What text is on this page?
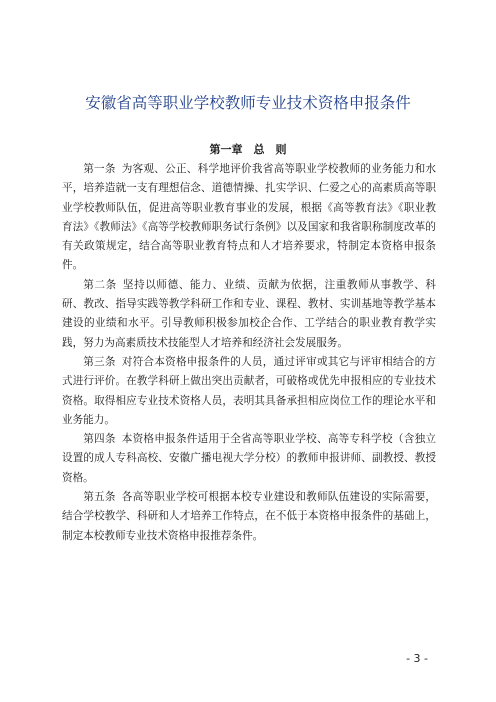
安徽省高等职业学校教师专业技术资格申报条件
第一章　总　则

第一条 为客观、公正、科学地评价我省高等职业学校教师的业务能力和水平，培养造就一支有理想信念、道德情操、扎实学识、仁爱之心的高素质高等职业学校教师队伍，促进高等职业教育事业的发展，根据《高等教育法》《职业教育法》《教师法》《高等学校教师职务试行条例》以及国家和我省职称制度改革的有关政策规定，结合高等职业教育特点和人才培养要求，特制定本资格申报条件。

第二条 坚持以师德、能力、业绩、贡献为依据，注重教师从事教学、科研、教改、指导实践等教学科研工作和专业、课程、教材、实训基地等教学基本建设的业绩和水平。引导教师积极参加校企合作、工学结合的职业教育教学实践，努力为高素质技术技能型人才培养和经济社会发展服务。

第三条 对符合本资格申报条件的人员，通过评审或其它与评审相结合的方式进行评价。在教学科研上做出突出贡献者，可破格或优先申报相应的专业技术资格。取得相应专业技术资格人员，表明其具备承担相应岗位工作的理论水平和业务能力。

第四条 本资格申报条件适用于全省高等职业学校、高等专科学校（含独立设置的成人专科高校、安徽广播电视大学分校）的教师申报讲师、副教授、教授资格。

第五条 各高等职业学校可根据本校专业建设和教师队伍建设的实际需要，结合学校教学、科研和人才培养工作特点，在不低于本资格申报条件的基础上，制定本校教师专业技术资格申报推荐条件。

- 3 -
